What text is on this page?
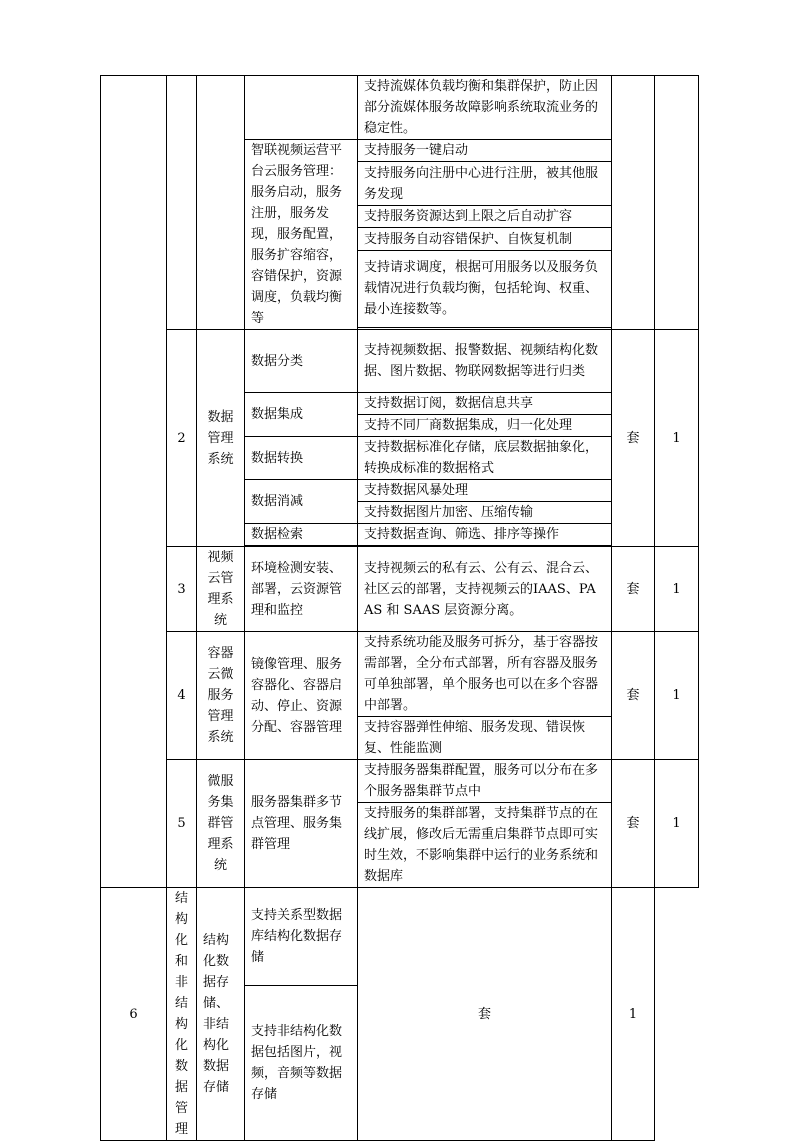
				支持流媒体负载均衡和集群保护，防止因部分流媒体服务故障影响系统取流业务的稳定性。		
			智联视频运营平台云服务管理：服务启动，服务注册，服务发现，服务配置，服务扩容缩容，容错保护，资源调度，负载均衡等	支持服务一键启动		
				支持服务向注册中心进行注册，被其他服务发现		
				支持服务资源达到上限之后自动扩容		
				支持服务自动容错保护、自恢复机制		
				支持请求调度，根据可用服务以及服务负载情况进行负载均衡，包括轮询、权重、最小连接数等。		

	2	数据管理系统	数据分类	支持视频数据、报警数据、视频结构化数据、图片数据、物联网数据等进行归类	套	1
			数据集成	支持数据订阅，数据信息共享		
				支持不同厂商数据集成，归一化处理		
			数据转换	支持数据标准化存储，底层数据抽象化，转换成标准的数据格式		
			数据消减	支持数据风暴处理		
				支持数据图片加密、压缩传输		
			数据检索	支持数据查询、筛选、排序等操作		

	3	视频云管理系统	环境检测安装、部署，云资源管理和监控	支持视频云的私有云、公有云、混合云、社区云的部署，支持视频云的IAAS、PAAS 和 SAAS 层资源分离。	套	1
	4	容器云微服务管理系统	镜像管理、服务容器化、容器启动、停止、资源分配、容器管理	支持系统功能及服务可拆分，基于容器按需部署，全分布式部署，所有容器及服务可单独部署，单个服务也可以在多个容器中部署。	套	1
				支持容器弹性伸缩、服务发现、错误恢复、性能监测		
	5	微服务集群管理系统	服务器集群多节点管理、服务集群管理	支持服务器集群配置，服务可以分布在多个服务器集群节点中	套	1
				支持服务的集群部署，支持集群节点的在线扩展，修改后无需重启集群节点即可实时生效，不影响集群中运行的业务系统和数据库		
6	结构化和非结构化数据管理	结构化数据存储、非结构化数据存储	支持关系型数据库结构化数据存储	套	1	
			支持非结构化数据包括图片，视频，音频等数据存储			
